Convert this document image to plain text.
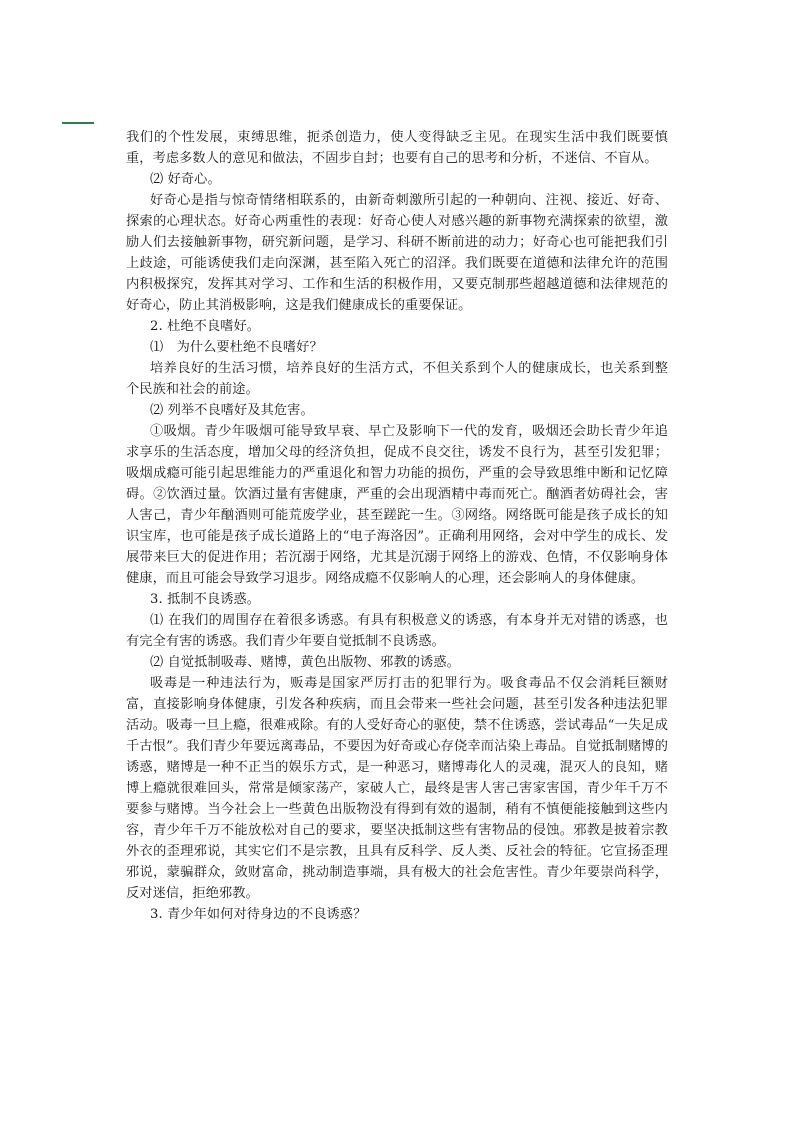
我们的个性发展，束缚思维，扼杀创造力，使人变得缺乏主见。在现实生活中我们既要慎重，考虑多数人的意见和做法，不固步自封；也要有自己的思考和分析，不迷信、不盲从。

⑵ 好奇心。

好奇心是指与惊奇情绪相联系的，由新奇刺激所引起的一种朝向、注视、接近、好奇、探索的心理状态。好奇心两重性的表现：好奇心使人对感兴趣的新事物充满探索的欲望，激励人们去接触新事物，研究新问题，是学习、科研不断前进的动力；好奇心也可能把我们引上歧途，可能诱使我们走向深渊，甚至陷入死亡的沼泽。我们既要在道德和法律允许的范围内积极探究，发挥其对学习、工作和生活的积极作用，又要克制那些超越道德和法律规范的好奇心，防止其消极影响，这是我们健康成长的重要保证。

2. 杜绝不良嗜好。

⑴　为什么要杜绝不良嗜好？

培养良好的生活习惯，培养良好的生活方式，不但关系到个人的健康成长，也关系到整个民族和社会的前途。

⑵ 列举不良嗜好及其危害。

①吸烟。青少年吸烟可能导致早衰、早亡及影响下一代的发育，吸烟还会助长青少年追求享乐的生活态度，增加父母的经济负担，促成不良交往，诱发不良行为，甚至引发犯罪；吸烟成瘾可能引起思维能力的严重退化和智力功能的损伤，严重的会导致思维中断和记忆障碍。②饮酒过量。饮酒过量有害健康，严重的会出现酒精中毒而死亡。酗酒者妨碍社会，害人害己，青少年酗酒则可能荒废学业，甚至蹉跎一生。③网络。网络既可能是孩子成长的知识宝库，也可能是孩子成长道路上的“电子海洛因”。正确利用网络，会对中学生的成长、发展带来巨大的促进作用；若沉溺于网络，尤其是沉溺于网络上的游戏、色情，不仅影响身体健康，而且可能会导致学习退步。网络成瘾不仅影响人的心理，还会影响人的身体健康。

3. 抵制不良诱惑。

⑴ 在我们的周围存在着很多诱惑。有具有积极意义的诱惑，有本身并无对错的诱惑，也有完全有害的诱惑。我们青少年要自觉抵制不良诱惑。

⑵ 自觉抵制吸毒、赌博，黄色出版物、邪教的诱惑。

吸毒是一种违法行为，贩毒是国家严厉打击的犯罪行为。吸食毒品不仅会消耗巨额财富，直接影响身体健康，引发各种疾病，而且会带来一些社会问题，甚至引发各种违法犯罪活动。吸毒一旦上瘾，很难戒除。有的人受好奇心的驱使，禁不住诱惑，尝试毒品“一失足成千古恨”。我们青少年要远离毒品，不要因为好奇或心存侥幸而沾染上毒品。自觉抵制赌博的诱惑，赌博是一种不正当的娱乐方式，是一种恶习，赌博毒化人的灵魂，混灭人的良知，赌博上瘾就很难回头，常常是倾家荡产，家破人亡，最终是害人害己害家害国，青少年千万不要参与赌博。当今社会上一些黄色出版物没有得到有效的遏制，稍有不慎便能接触到这些内容，青少年千万不能放松对自己的要求，要坚决抵制这些有害物品的侵蚀。邪教是披着宗教外衣的歪理邪说，其实它们不是宗教，且具有反科学、反人类、反社会的特征。它宣扬歪理邪说，蒙骗群众，敛财富命，挑动制造事端，具有极大的社会危害性。青少年要崇尚科学，反对迷信，拒绝邪教。

3. 青少年如何对待身边的不良诱惑？
